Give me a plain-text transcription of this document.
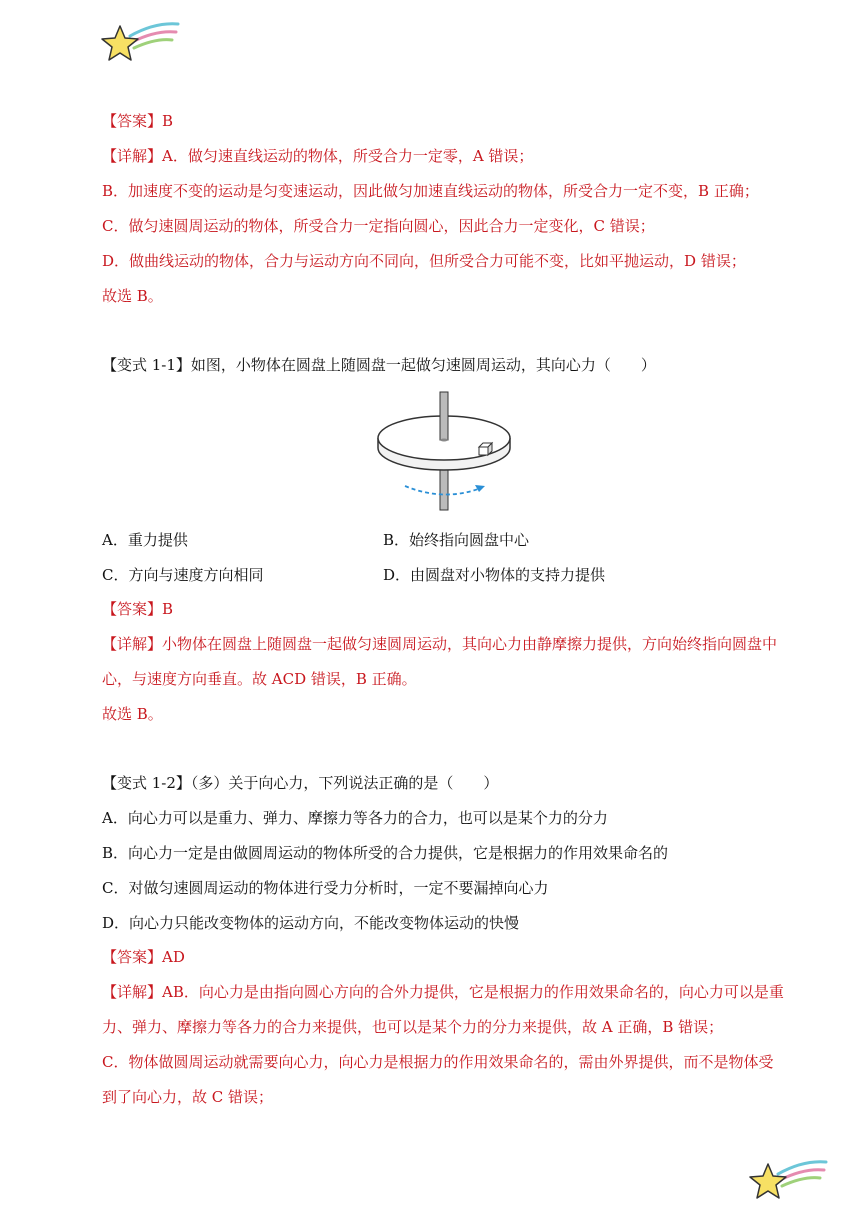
【答案】B
【详解】A．做匀速直线运动的物体，所受合力一定零，A 错误；
B．加速度不变的运动是匀变速运动，因此做匀加速直线运动的物体，所受合力一定不变，B 正确；
C．做匀速圆周运动的物体，所受合力一定指向圆心，因此合力一定变化，C 错误；
D．做曲线运动的物体，合力与运动方向不同向，但所受合力可能不变，比如平抛运动，D 错误；
故选 B。
【变式 1-1】如图，小物体在圆盘上随圆盘一起做匀速圆周运动，其向心力（　　）
A．重力提供	B．始终指向圆盘中心
C．方向与速度方向相同	D．由圆盘对小物体的支持力提供
【答案】B
【详解】小物体在圆盘上随圆盘一起做匀速圆周运动，其向心力由静摩擦力提供，方向始终指向圆盘中
心，与速度方向垂直。故 ACD 错误，B 正确。
故选 B。
【变式 1-2】（多）关于向心力，下列说法正确的是（　　）
A．向心力可以是重力、弹力、摩擦力等各力的合力，也可以是某个力的分力
B．向心力一定是由做圆周运动的物体所受的合力提供，它是根据力的作用效果命名的
C．对做匀速圆周运动的物体进行受力分析时，一定不要漏掉向心力
D．向心力只能改变物体的运动方向，不能改变物体运动的快慢
【答案】AD
【详解】AB．向心力是由指向圆心方向的合外力提供，它是根据力的作用效果命名的，向心力可以是重
力、弹力、摩擦力等各力的合力来提供，也可以是某个力的分力来提供，故 A 正确，B 错误；
C．物体做圆周运动就需要向心力，向心力是根据力的作用效果命名的，需由外界提供，而不是物体受
到了向心力，故 C 错误；
